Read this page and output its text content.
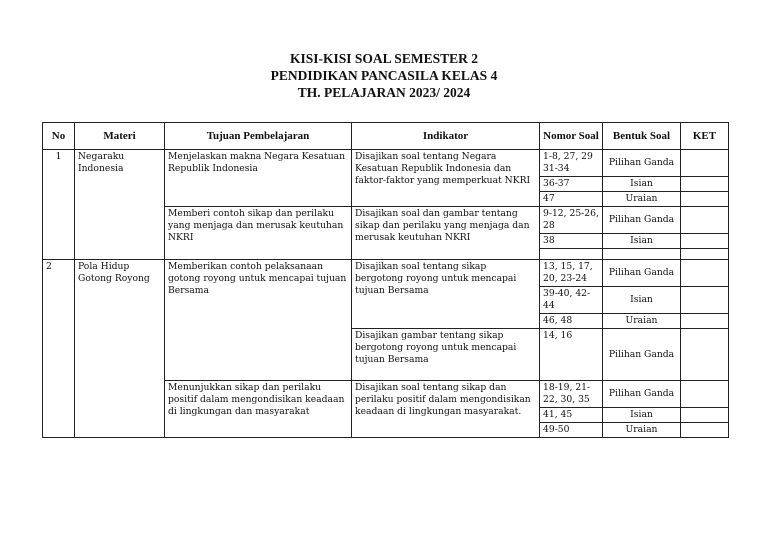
KISI-KISI SOAL SEMESTER 2
PENDIDIKAN PANCASILA KELAS 4
TH. PELAJARAN 2023/ 2024
No	Materi	Tujuan Pembelajaran	Indikator	Nomor Soal	Bentuk Soal	KET
1	Negaraku Indonesia	Menjelaskan makna Negara Kesatuan Republik Indonesia	Disajikan soal tentang Negara Kesatuan Republik Indonesia dan faktor-faktor yang memperkuat NKRI	1-8, 27, 29 31-34	Pilihan Ganda	
				36-37	Isian	
				47	Uraian	
		Memberi contoh sikap dan perilaku yang menjaga dan merusak keutuhan NKRI	Disajikan soal dan gambar tentang sikap dan perilaku yang menjaga dan merusak keutuhan NKRI	9-12, 25-26, 28	Pilihan Ganda	
				38	Isian	

2	Pola Hidup Gotong Royong	Memberikan contoh pelaksanaan gotong royong untuk mencapai tujuan Bersama	Disajikan soal tentang sikap bergotong royong untuk mencapai tujuan Bersama	13, 15, 17, 20, 23-24	Pilihan Ganda	
				39-40, 42-44	Isian	
				46, 48	Uraian	
			Disajikan gambar tentang sikap bergotong royong untuk mencapai tujuan Bersama	14, 16	Pilihan Ganda	
		Menunjukkan sikap dan perilaku positif dalam mengondisikan keadaan di lingkungan dan masyarakat	Disajikan soal tentang sikap dan perilaku positif dalam mengondisikan keadaan di lingkungan masyarakat.	18-19, 21-22, 30, 35	Pilihan Ganda	
				41, 45	Isian	
				49-50	Uraian	
